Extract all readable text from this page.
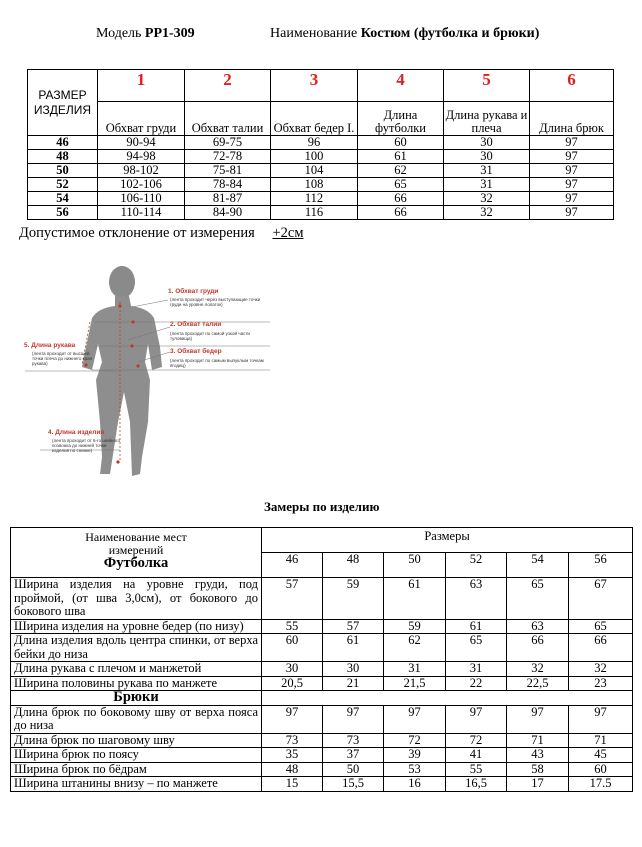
Модель РР1-309	Наименование Костюм (футболка и брюки)
РАЗМЕР
ИЗДЕЛИЯ	1	2	3	4	5	6
	Обхват груди	Обхват талии	Обхват бедер I.	Длина футболки	Длина рукава и плеча	Длина брюк
46	90-94	69-75	96	60	30	97
48	94-98	72-78	100	61	30	97
50	98-102	75-81	104	62	31	97
52	102-106	78-84	108	65	31	97
54	106-110	81-87	112	66	32	97
56	110-114	84-90	116	66	32	97
Допустимое отклонение от измерения +2см
1. Обхват груди
(лента проходит через выступающие точки груди на уровне лопаток)
2. Обхват талии
(лента проходит по самой узкой части туловища)
3. Обхват бедер
(лента проходит по самым выпуклым точкам ягодиц)
5. Длина рукава
(лента проходит от высшей точки плеча до нижнего края рукава)
4. Длина изделия
(лента проходит от 6-го шейного позвонка до нижней точки изделия по спинке)
Замеры по изделию
Наименование мест измерений
Футболка	Размеры					
	46	48	50	52	54	56
Ширина изделия на уровне груди, под проймой, (от шва 3,0см), от бокового до бокового шва	57	59	61	63	65	67
Ширина изделия на уровне бедер (по низу)	55	57	59	61	63	65
Длина изделия вдоль центра спинки, от верха бейки до низа	60	61	62	65	66	66
Длина рукава с плечом и манжетой	30	30	31	31	32	32
Ширина половины рукава по манжете	20,5	21	21,5	22	22,5	23
Брюки						
Длина брюк по боковому шву от верха пояса до низа	97	97	97	97	97	97
Длина брюк по шаговому шву	73	73	72	72	71	71
Ширина брюк по поясу	35	37	39	41	43	45
Ширина брюк по бёдрам	48	50	53	55	58	60
Ширина штанины внизу – по манжете	15	15,5	16	16,5	17	17.5
